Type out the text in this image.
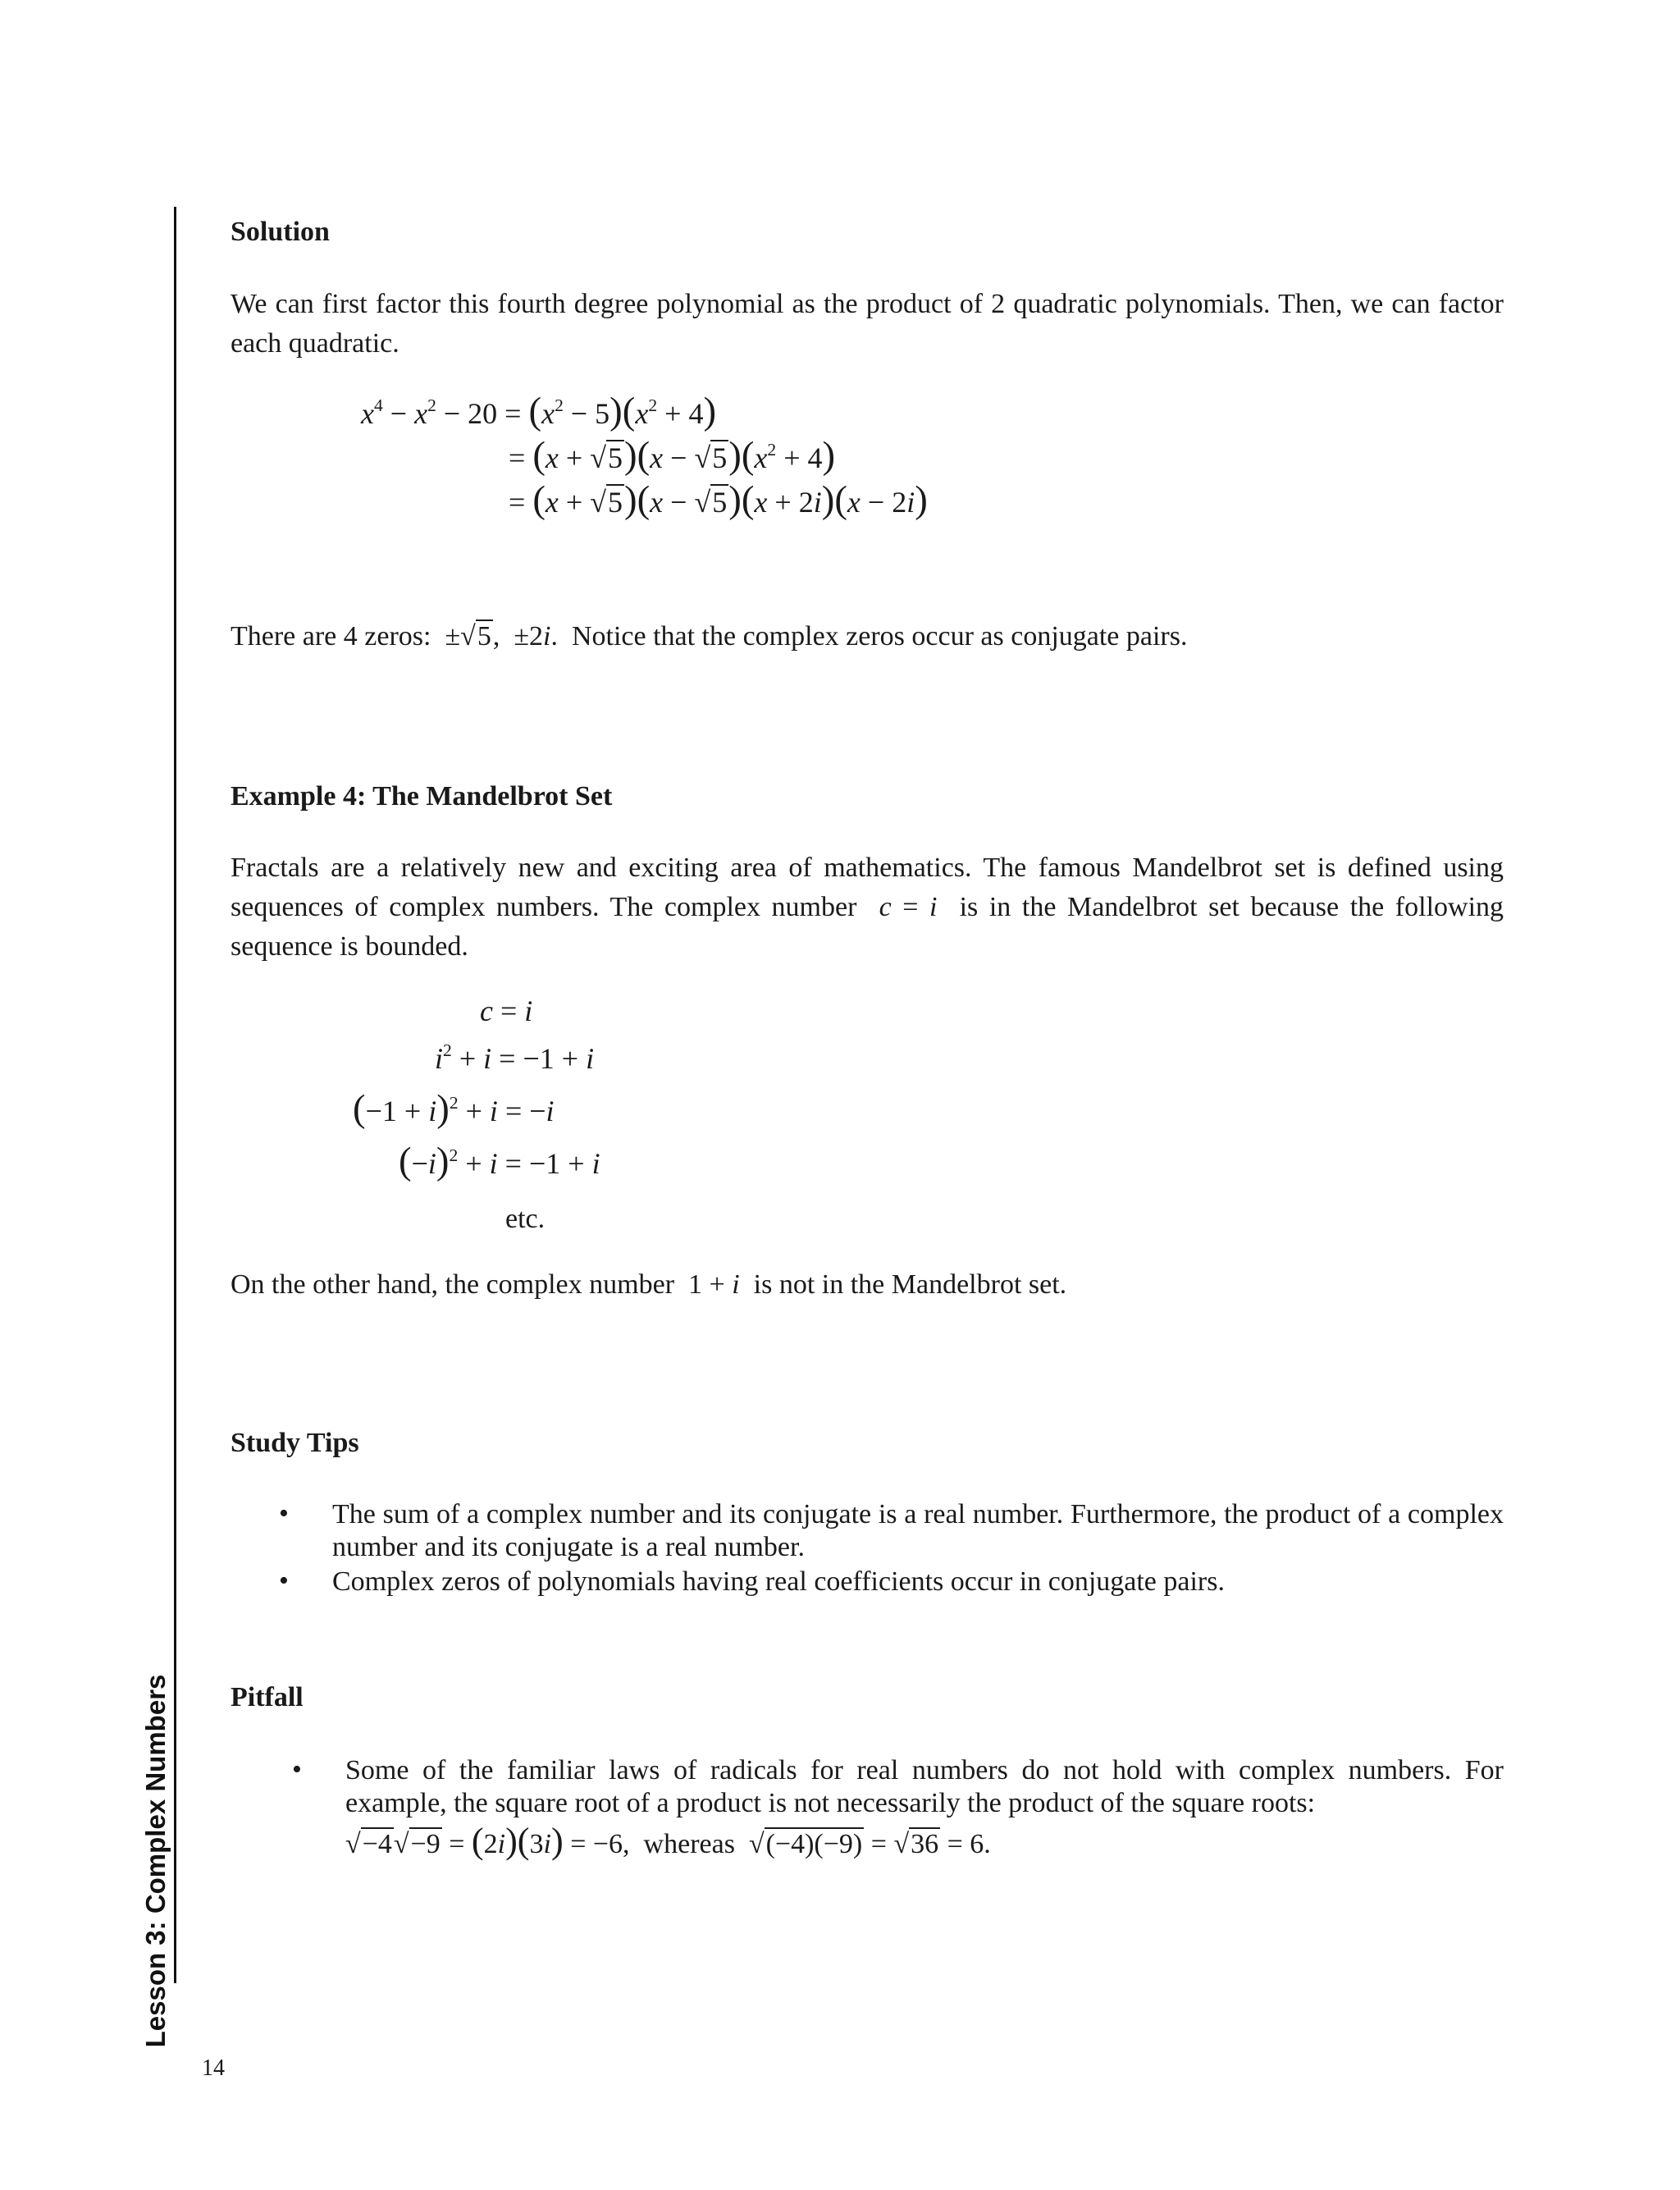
Lesson 3: Complex Numbers
Solution
We can first factor this fourth degree polynomial as the product of 2 quadratic polynomials. Then, we can factor each quadratic.
$x^4 - x^2 - 20 = (x^2 - 5)(x^2 + 4)$
= $(x + √5)(x - √5)(x^2 + 4)$
= (x + √5)(x − √5)(x + 2i)(x − 2i)
There are 4 zeros:  ±√5,  ±2i.  Notice that the complex zeros occur as conjugate pairs.
Example 4: The Mandelbrot Set
Fractals are a relatively new and exciting area of mathematics. The famous Mandelbrot set is defined using sequences of complex numbers. The complex number c = i is in the Mandelbrot set because the following sequence is bounded.
c = i
$i^2 + i = -1 + i$
$(-1 + i)^2 + i = -i$
$(-i)^2 + i = -1 + i$
etc.
On the other hand, the complex number  1 + i is not in the Mandelbrot set.
Study Tips
• The sum of a complex number and its conjugate is a real number. Furthermore, the product of a complex number and its conjugate is a real number.
• Complex zeros of polynomials having real coefficients occur in conjugate pairs.
Pitfall
• Some of the familiar laws of radicals for real numbers do not hold with complex numbers. For example, the square root of a product is not necessarily the product of the square roots:
√−4√−9 = (2i)(3i) = −6,  whereas √(−4)(−9) = √36 = 6.
14
